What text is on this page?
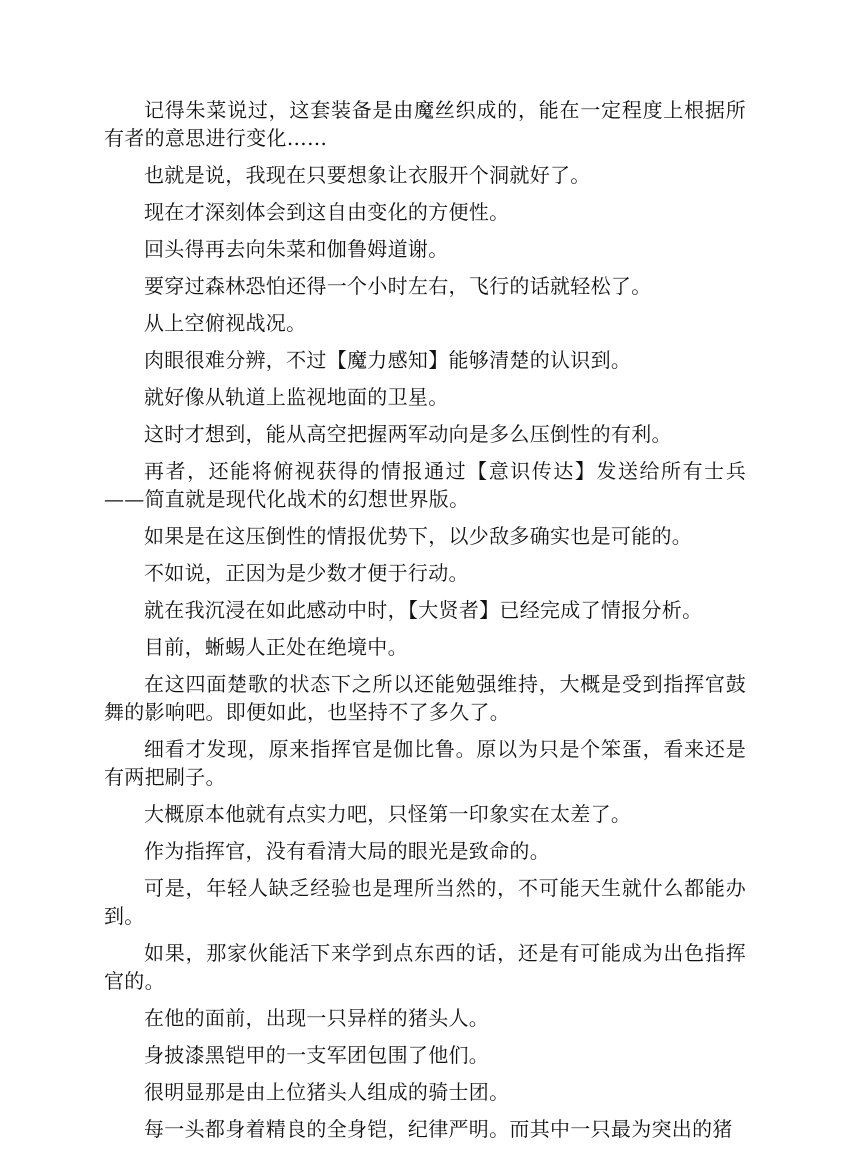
记得朱菜说过，这套装备是由魔丝织成的，能在一定程度上根据所有者的意思进行变化……

也就是说，我现在只要想象让衣服开个洞就好了。

现在才深刻体会到这自由变化的方便性。

回头得再去向朱菜和伽鲁姆道谢。

要穿过森林恐怕还得一个小时左右，飞行的话就轻松了。

从上空俯视战况。

肉眼很难分辨，不过【魔力感知】能够清楚的认识到。

就好像从轨道上监视地面的卫星。

这时才想到，能从高空把握两军动向是多么压倒性的有利。

再者，还能将俯视获得的情报通过【意识传达】发送给所有士兵——简直就是现代化战术的幻想世界版。

如果是在这压倒性的情报优势下，以少敌多确实也是可能的。

不如说，正因为是少数才便于行动。

就在我沉浸在如此感动中时，【大贤者】已经完成了情报分析。

目前，蜥蜴人正处在绝境中。

在这四面楚歌的状态下之所以还能勉强维持，大概是受到指挥官鼓舞的影响吧。即便如此，也坚持不了多久了。

细看才发现，原来指挥官是伽比鲁。原以为只是个笨蛋，看来还是有两把刷子。

大概原本他就有点实力吧，只怪第一印象实在太差了。

作为指挥官，没有看清大局的眼光是致命的。

可是，年轻人缺乏经验也是理所当然的，不可能天生就什么都能办到。

如果，那家伙能活下来学到点东西的话，还是有可能成为出色指挥官的。

在他的面前，出现一只异样的猪头人。

身披漆黑铠甲的一支军团包围了他们。

很明显那是由上位猪头人组成的骑士团。

每一头都身着精良的全身铠，纪律严明。而其中一只最为突出的猪
